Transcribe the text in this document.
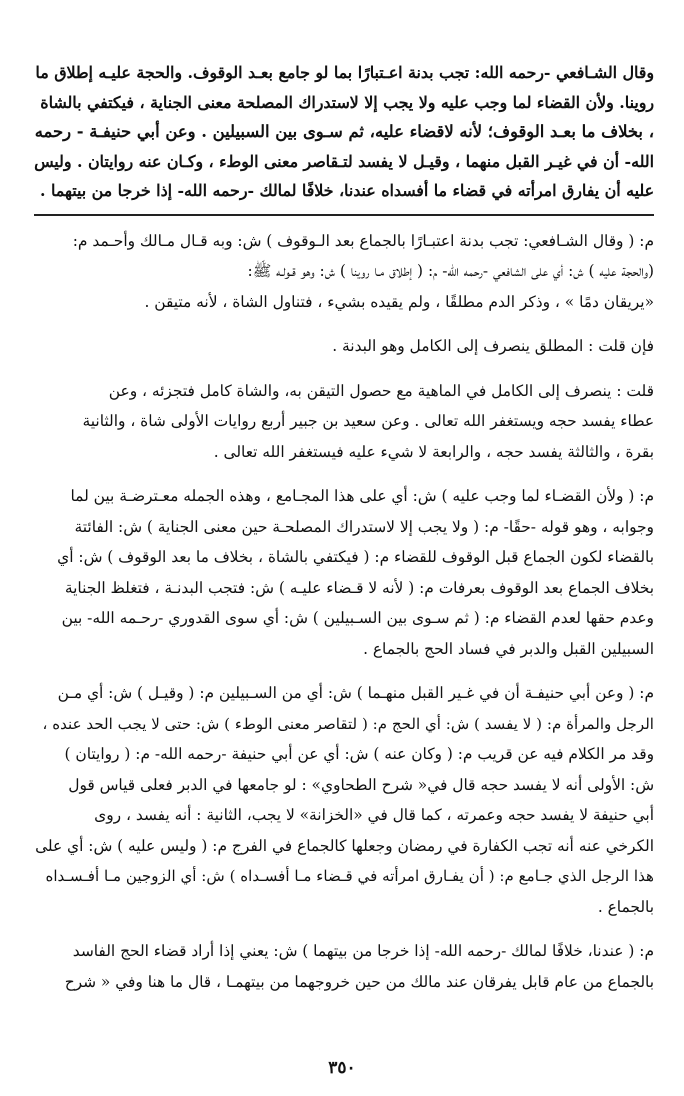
وقال الشـافعي -رحمه الله: تجب بدنة اعـتبارًا بما لو جامع بعـد الوقوف. والحجة عليـه إطلاق ما

روينا. ولأن القضاء لما وجب عليه ولا يجب إلا لاستدراك المصلحة معنى الجناية ، فيكتفي بالشاة

، بخلاف ما بعـد الوقوف؛ لأنه لاقضاء عليه، ثم سـوى بين السبيلين . وعن أبي حنيفـة - رحمه

الله- أن في غيـر القبل منهما ، وقيـل لا يفسد لتـقاصر معنى الوطء ، وكـان عنه روايتان . وليس

عليه أن يفارق امرأته في قضاء ما أفسداه عندنا، خلافًا لمالك -رحمه الله- إذا خرجا من بيتهما .

م: ( وقال الشـافعي: تجب بدنة اعتبـارًا بالجماع بعد الـوقوف ) ش: وبه قـال مـالك وأحـمد م:

(والحجة عليه ) ش: أي على الشافعي -رحمه الله- م: ( إطلاق مـا روينا ) ش: وهو قـولـه ﷺ:

«يريقان دمًا » ، وذكر الدم مطلقًا ، ولم يقيده بشيء ، فتناول الشاة ، لأنه متيقن .

فإن قلت : المطلق ينصرف إلى الكامل وهو البدنة .

قلت : ينصرف إلى الكامل في الماهية مع حصول التيقن به، والشاة كامل فتجزئه ، وعن

عطاء يفسد حجه ويستغفر الله تعالى . وعن سعيد بن جبير أربع روايات الأولى شاة ، والثانية

بقرة ، والثالثة يفسد حجه ، والرابعة لا شيء عليه فيستغفر الله تعالى .

م: ( ولأن القضـاء لما وجب عليه ) ش: أي على هذا المجـامع ، وهذه الجمله معـترضـة بين لما

وجوابه ، وهو قوله -حقًا- م: ( ولا يجب إلا لاستدراك المصلحـة حين معنى الجناية ) ش: الفائتة

بالقضاء لكون الجماع قبل الوقوف للقضاء م: ( فيكتفي بالشاة ، بخلاف ما بعد الوقوف ) ش: أي

بخلاف الجماع بعد الوقوف بعرفات م: ( لأنه لا قـضاء عليـه ) ش: فتجب البدنـة ، فتغلظ الجناية

وعدم حقها لعدم القضاء م: ( ثم سـوى بين السـبيلين ) ش: أي سوى القدوري -رحـمه الله- بين

السبيلين القبل والدبر في فساد الحج بالجماع .

م: ( وعن أبي حنيفـة أن في غـير القبل منهـما ) ش: أي من السـبيلين م: ( وقيـل ) ش: أي مـن

الرجل والمرأة م: ( لا يفسد ) ش: أي الحج م: ( لتقاصر معنى الوطء ) ش: حتى لا يجب الحد عنده ،

وقد مر الكلام فيه عن قريب م: ( وكان عنه ) ش: أي عن أبي حنيفة -رحمه الله- م: ( روايتان )

ش: الأولى أنه لا يفسد حجه قال في« شرح الطحاوي» : لو جامعها في الدبر فعلى قياس قول

أبي حنيفة لا يفسد حجه وعمرته ، كما قال في «الخزانة» لا يجب، الثانية : أنه يفسد ، روى

الكرخي عنه أنه تجب الكفارة في رمضان وجعلها كالجماع في الفرج م: ( وليس عليه ) ش: أي على

هذا الرجل الذي جـامع م: ( أن يفـارق امرأته في قـضاء مـا أفسـداه ) ش: أي الزوجين مـا أفـسـداه

بالجماع .

م: ( عندنا، خلافًا لمالك -رحمه الله- إذا خرجا من بيتهما ) ش: يعني إذا أراد قضاء الحج الفاسد

بالجماع من عام قابل يفرقان عند مالك من حين خروجهما من بيتهمـا ، قال ما هنا وفي « شرح

٣٥٠
